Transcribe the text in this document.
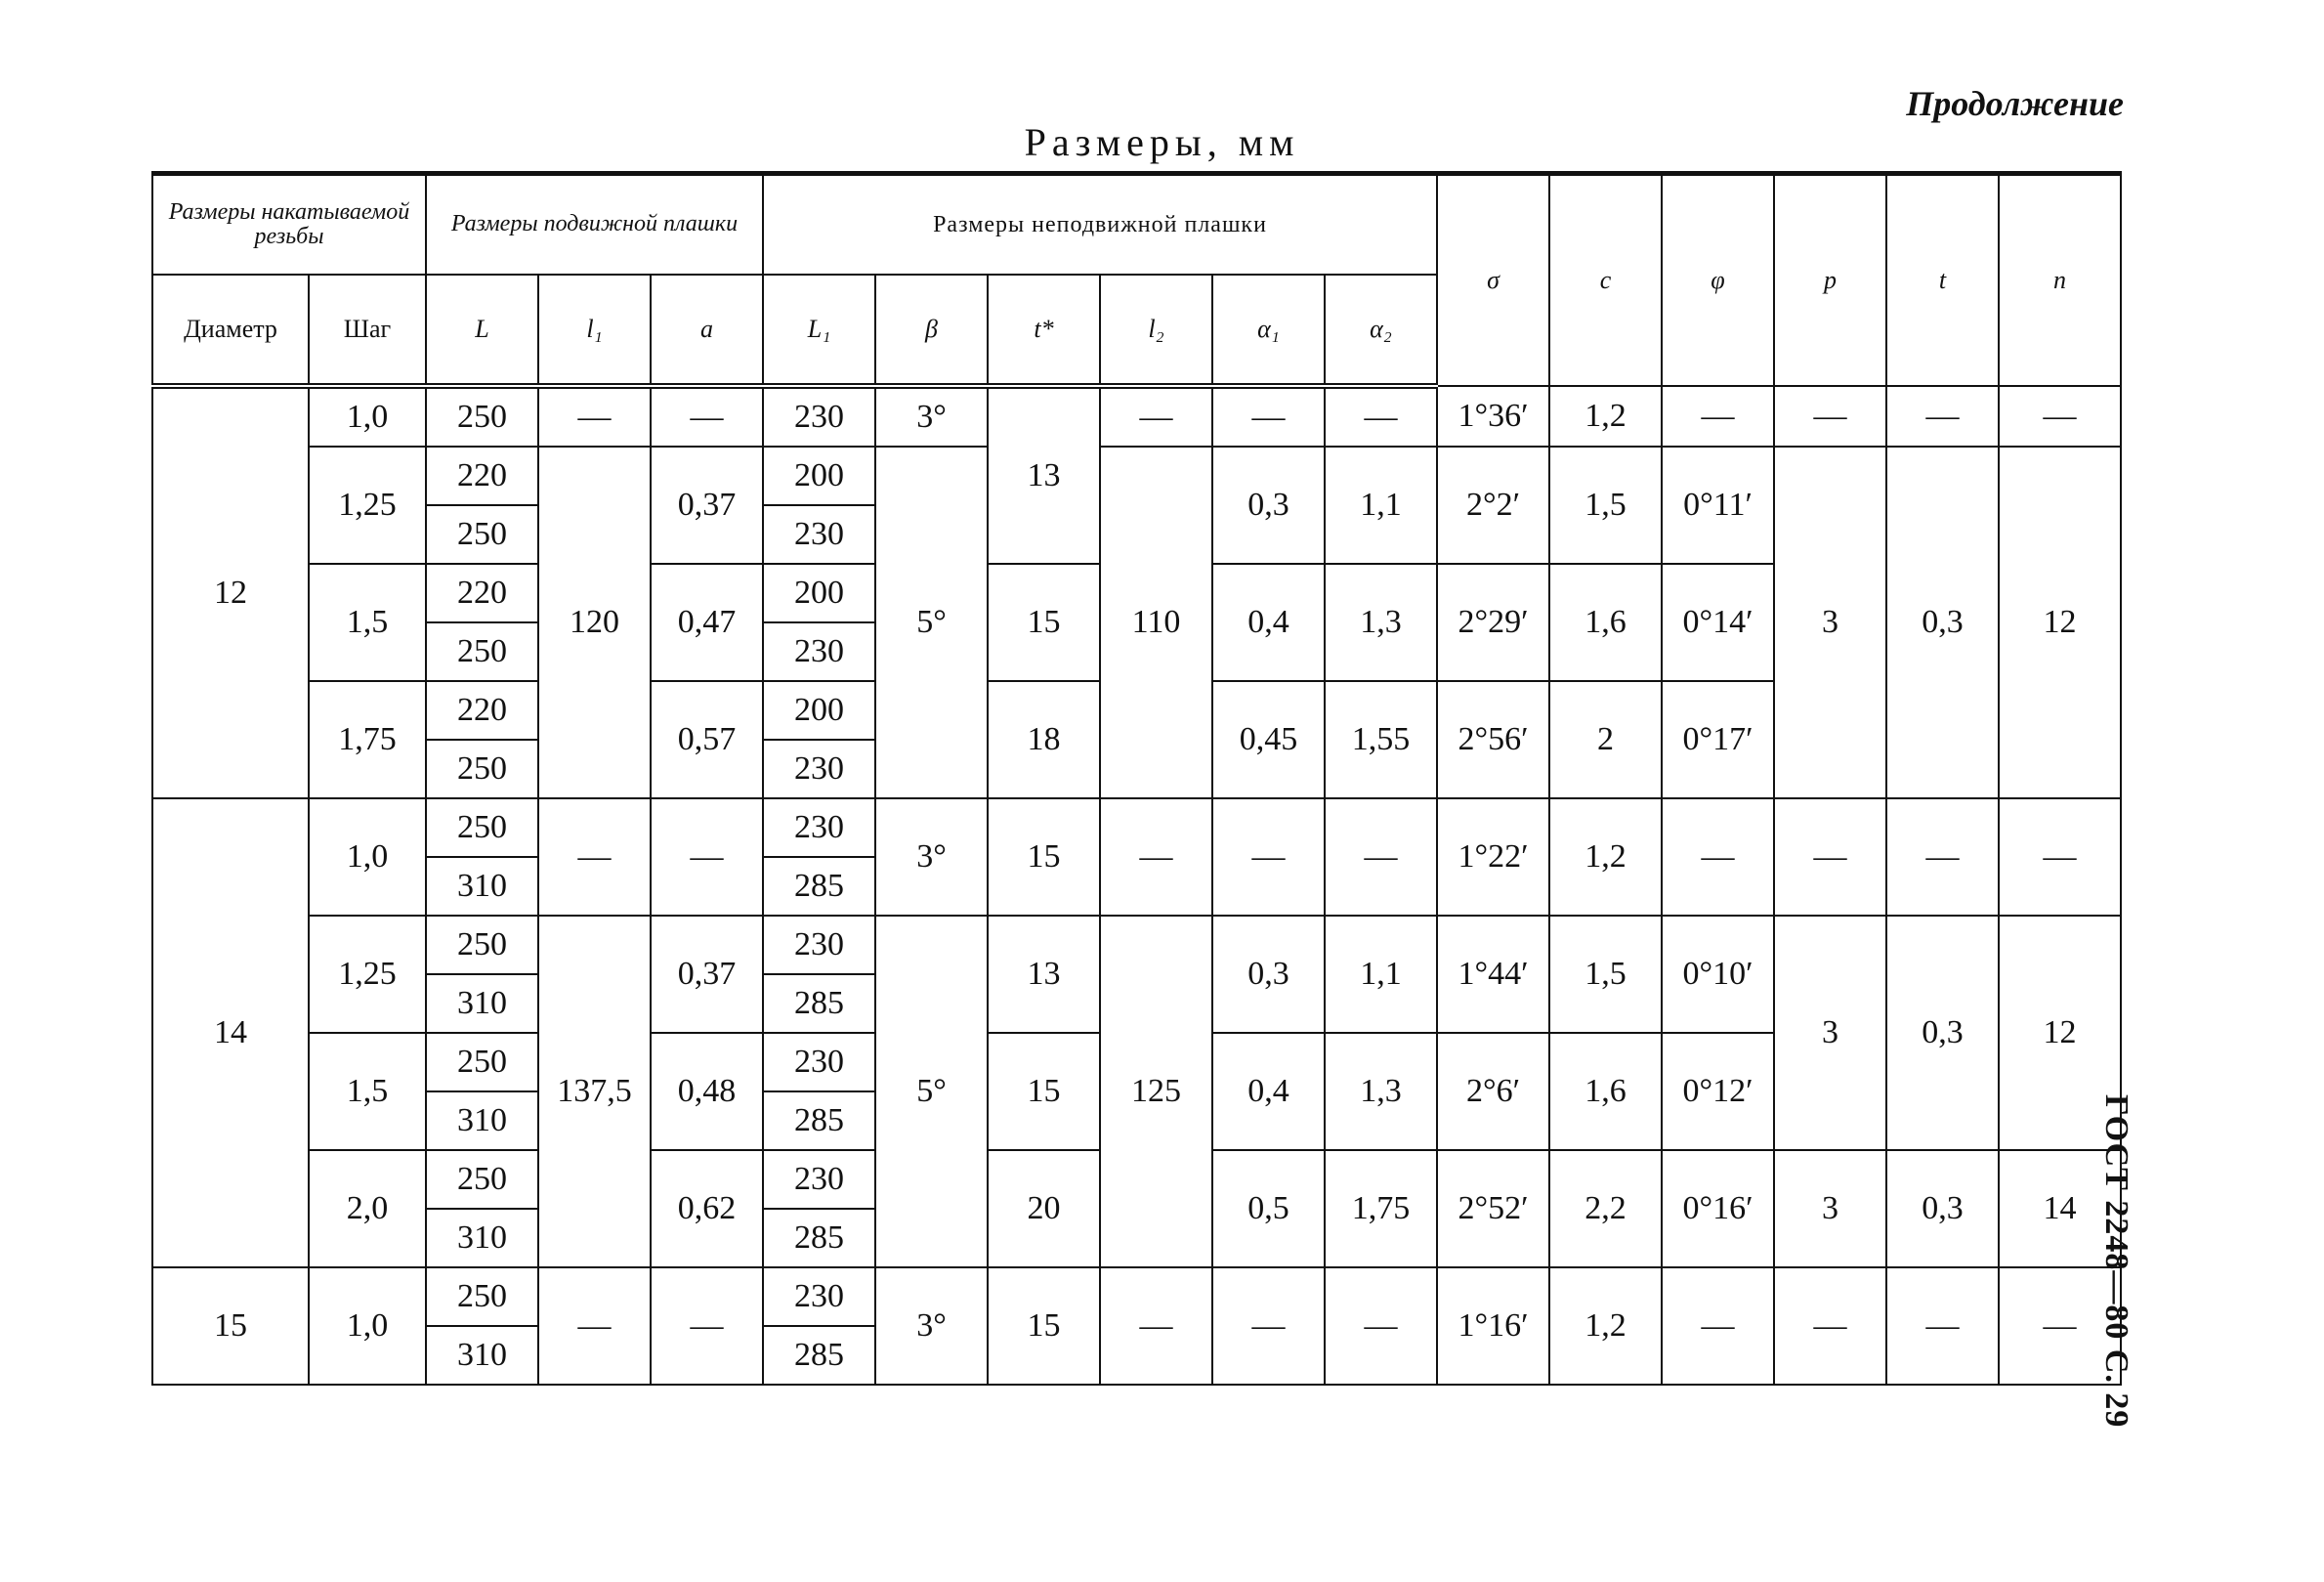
Продолжение
Размеры, мм
ГОСТ 2248—80 С. 29
Размеры накатываемой резьбы		Размеры подвижной плашки			Размеры неподвижной плашки						σ	c	φ	p	t	n
Диаметр	Шаг	L	l₁	a	L₁	β	t*	l₂	α₁	α₂						
12	1,0	250	—	—	230	3°	13	—	—	—	1°36′	1,2	—	—	—	—
	1,25	220	120	0,37	200	5°		110	0,3	1,1	2°2′	1,5	0°11′	3	0,3	12
		250			230											
	1,5	220		0,47	200		15		0,4	1,3	2°29′	1,6	0°14′			
		250			230											
	1,75	220		0,57	200		18		0,45	1,55	2°56′	2	0°17′			
		250			230											
14	1,0	250	—	—	230	3°	15	—	—	—	1°22′	1,2	—	—	—	—
		310			285											
	1,25	250	137,5	0,37	230	5°	13	125	0,3	1,1	1°44′	1,5	0°10′	3	0,3	12
		310			285											
	1,5	250		0,48	230		15		0,4	1,3	2°6′	1,6	0°12′			
		310			285											
	2,0	250		0,62	230		20		0,5	1,75	2°52′	2,2	0°16′	3	0,3	14
		310			285											
15	1,0	250	—	—	230	3°	15	—	—	—	1°16′	1,2	—	—	—	—
		310			285											
